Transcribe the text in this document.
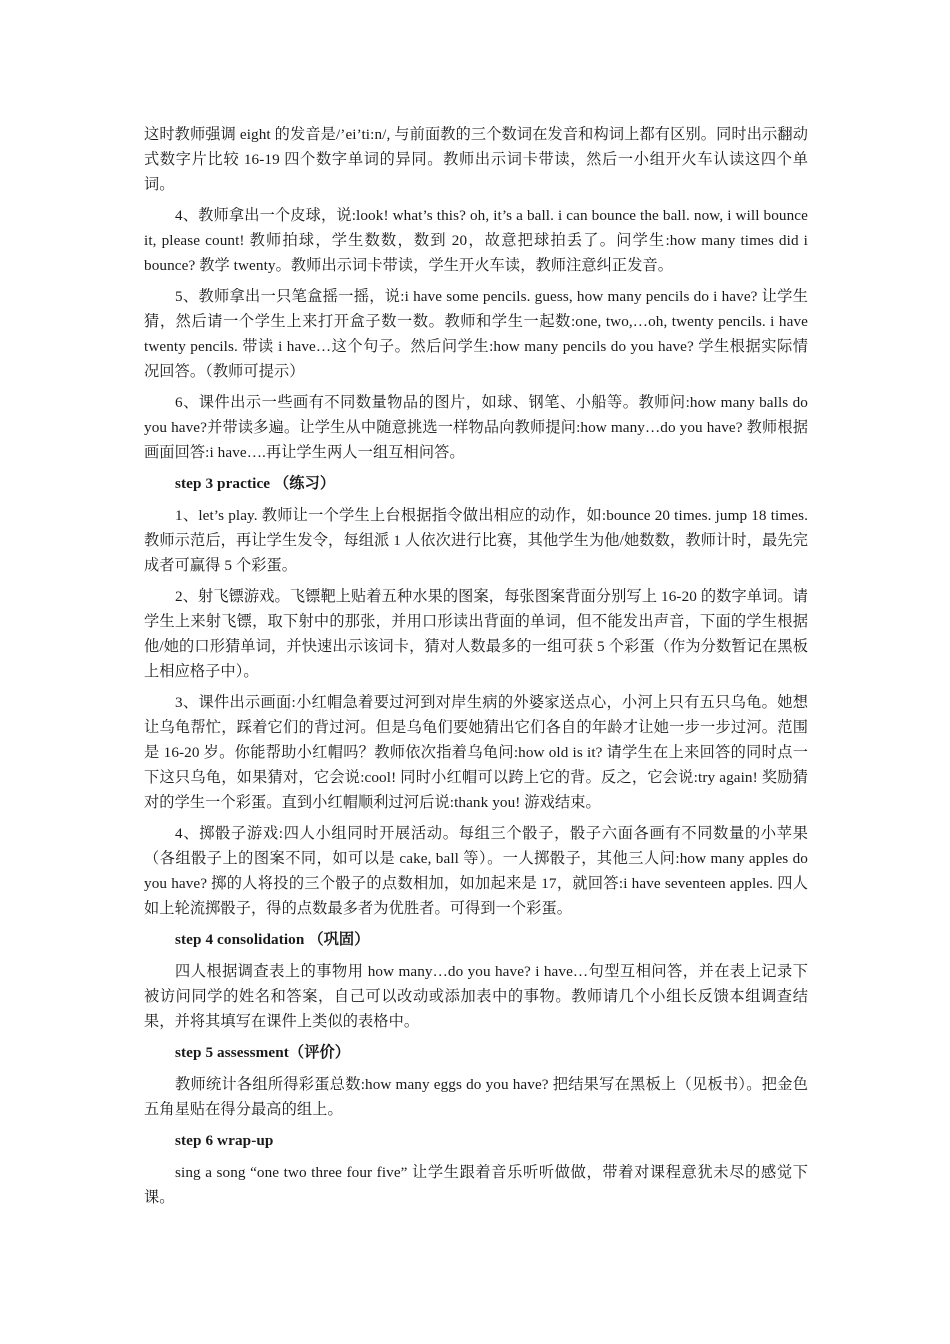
这时教师强调 eight 的发音是/’ei’ti:n/, 与前面教的三个数词在发音和构词上都有区别。同时出示翻动式数字片比较 16-19 四个数字单词的异同。教师出示词卡带读，然后一小组开火车认读这四个单词。

4、教师拿出一个皮球，说:look! what’s this? oh, it’s a ball. i can bounce the ball. now, i will bounce it, please count! 教师拍球，学生数数，数到 20，故意把球拍丢了。问学生:how many times did i bounce? 教学 twenty。教师出示词卡带读，学生开火车读，教师注意纠正发音。

5、教师拿出一只笔盒摇一摇，说:i have some pencils. guess, how many pencils do i have? 让学生猜，然后请一个学生上来打开盒子数一数。教师和学生一起数:one, two,…oh, twenty pencils. i have twenty pencils. 带读 i have…这个句子。然后问学生:how many pencils do you have? 学生根据实际情况回答。（教师可提示）

6、课件出示一些画有不同数量物品的图片，如球、钢笔、小船等。教师问:how many balls do you have?并带读多遍。让学生从中随意挑选一样物品向教师提问:how many…do you have? 教师根据画面回答:i have….再让学生两人一组互相问答。

step 3 practice （练习）

1、let’s play. 教师让一个学生上台根据指令做出相应的动作，如:bounce 20 times. jump 18 times. 教师示范后，再让学生发令，每组派 1 人依次进行比赛，其他学生为他/她数数，教师计时，最先完成者可赢得 5 个彩蛋。

2、射飞镖游戏。飞镖靶上贴着五种水果的图案，每张图案背面分别写上 16-20 的数字单词。请学生上来射飞镖，取下射中的那张，并用口形读出背面的单词，但不能发出声音，下面的学生根据他/她的口形猜单词，并快速出示该词卡，猜对人数最多的一组可获 5 个彩蛋（作为分数暂记在黑板上相应格子中）。

3、课件出示画面:小红帽急着要过河到对岸生病的外婆家送点心，小河上只有五只乌龟。她想让乌龟帮忙，踩着它们的背过河。但是乌龟们要她猜出它们各自的年龄才让她一步一步过河。范围是 16-20 岁。你能帮助小红帽吗？教师依次指着乌龟问:how old is it? 请学生在上来回答的同时点一下这只乌龟，如果猜对，它会说:cool! 同时小红帽可以跨上它的背。反之，它会说:try again! 奖励猜对的学生一个彩蛋。直到小红帽顺利过河后说:thank you! 游戏结束。

4、掷骰子游戏:四人小组同时开展活动。每组三个骰子，骰子六面各画有不同数量的小苹果（各组骰子上的图案不同，如可以是 cake, ball 等）。一人掷骰子，其他三人问:how many apples do you have? 掷的人将投的三个骰子的点数相加，如加起来是 17，就回答:i have seventeen apples. 四人如上轮流掷骰子，得的点数最多者为优胜者。可得到一个彩蛋。

step 4 consolidation （巩固）

四人根据调查表上的事物用 how many…do you have? i have…句型互相问答，并在表上记录下被访问同学的姓名和答案，自己可以改动或添加表中的事物。教师请几个小组长反馈本组调查结果，并将其填写在课件上类似的表格中。

step 5 assessment（评价）

教师统计各组所得彩蛋总数:how many eggs do you have? 把结果写在黑板上（见板书）。把金色五角星贴在得分最高的组上。

step 6 wrap-up

sing a song “one two three four five” 让学生跟着音乐听听做做，带着对课程意犹未尽的感觉下课。
